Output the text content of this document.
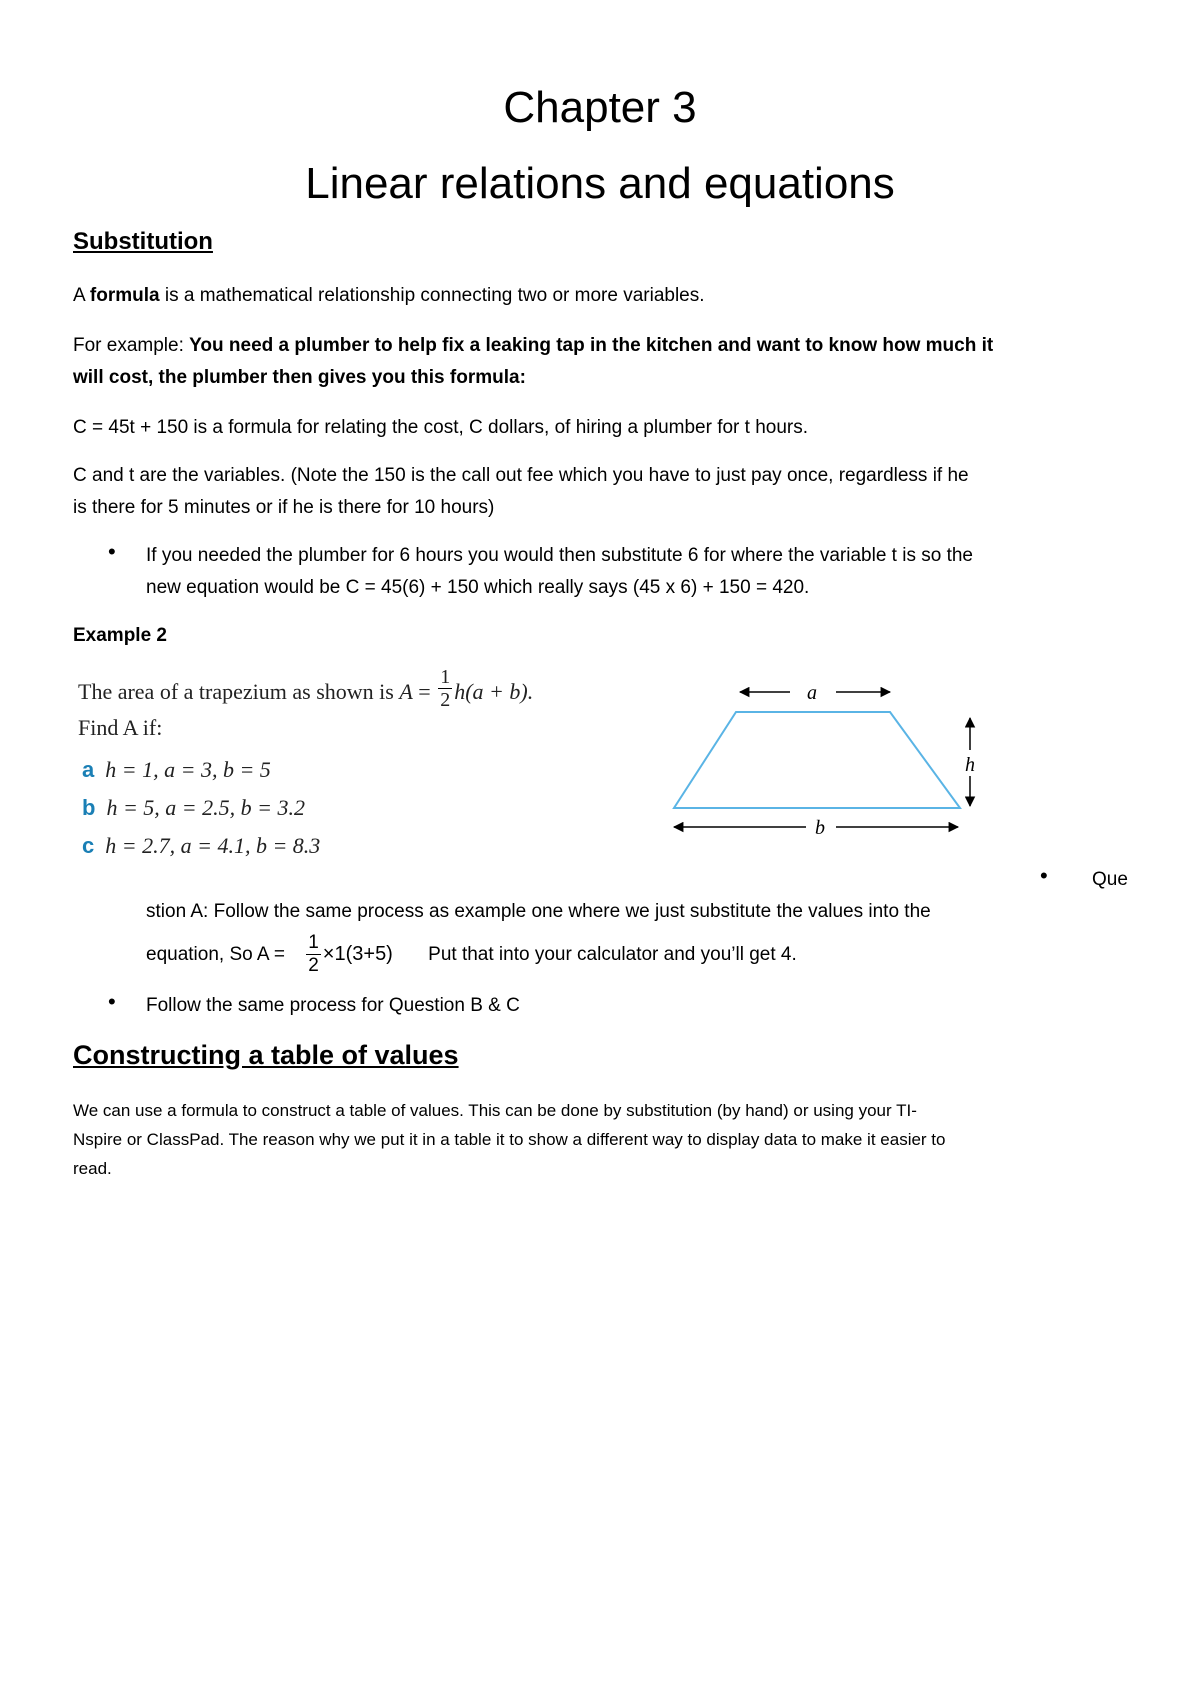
Chapter 3
Linear relations and equations
Substitution
A formula is a mathematical relationship connecting two or more variables.
For example: You need a plumber to help fix a leaking tap in the kitchen and want to know how much it
will cost, the plumber then gives you this formula:
C = 45t + 150 is a formula for relating the cost, C dollars, of hiring a plumber for t hours.
C and t are the variables. (Note the 150 is the call out fee which you have to just pay once, regardless if he
is there for 5 minutes or if he is there for 10 hours)
• If you needed the plumber for 6 hours you would then substitute 6 for where the variable t is so the
new equation would be C = 45(6) + 150 which really says (45 x 6) + 150 = 420.
Example 2
The area of a trapezium as shown is $A = \frac{1}{2} h(a + b)$.
Find A if:
a h = 1, a = 3, b = 5
b h = 5, a = 2.5, b = 3.2
c h = 2.7, a = 4.1, b = 8.3
a
h
b
• Que
stion A: Follow the same process as example one where we just substitute the values into the
equation, So $A = \frac{1}{2} \times 1(3+5)$ Put that into your calculator and you’ll get 4.
• Follow the same process for Question B & C
Constructing a table of values
We can use a formula to construct a table of values. This can be done by substitution (by hand) or using your TI-
Nspire or ClassPad. The reason why we put it in a table it to show a different way to display data to make it easier to
read.
